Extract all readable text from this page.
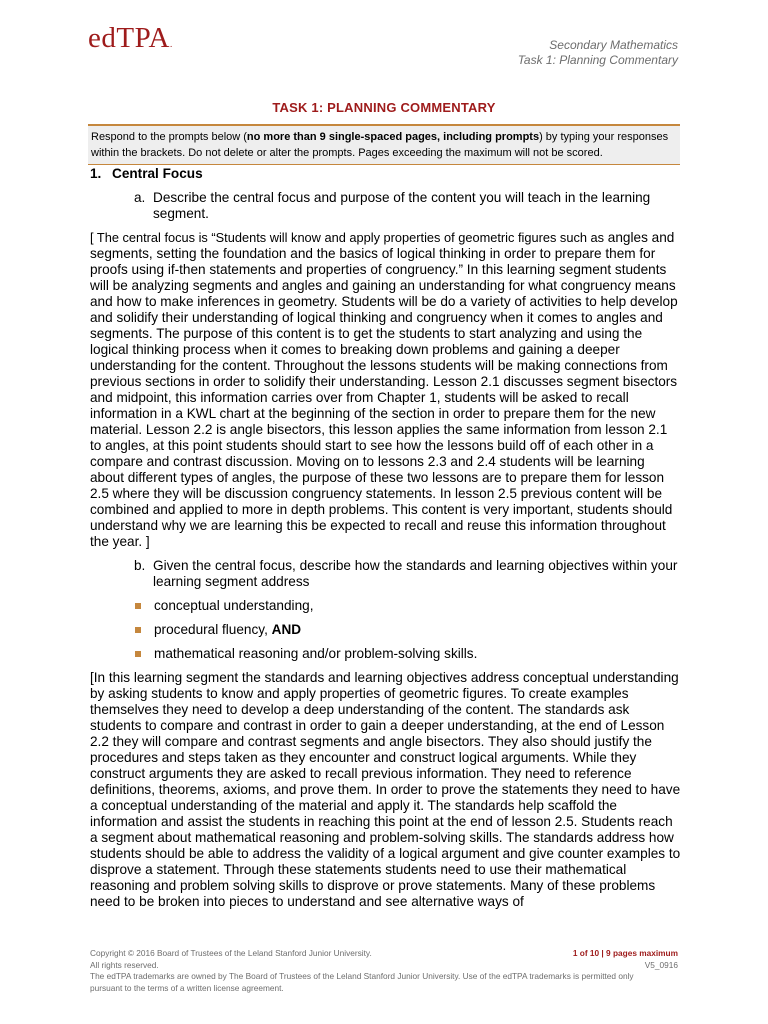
edTPA.	Secondary Mathematics
Task 1: Planning Commentary
TASK 1: PLANNING COMMENTARY
Respond to the prompts below (no more than 9 single-spaced pages, including prompts) by typing your responses within the brackets. Do not delete or alter the prompts. Pages exceeding the maximum will not be scored.
1. Central Focus
a. Describe the central focus and purpose of the content you will teach in the learning segment.
[ The central focus is “Students will know and apply properties of geometric figures such as angles and segments, setting the foundation and the basics of logical thinking in order to prepare them for proofs using if-then statements and properties of congruency.” In this learning segment students will be analyzing segments and angles and gaining an understanding for what congruency means and how to make inferences in geometry. Students will be do a variety of activities to help develop and solidify their understanding of logical thinking and congruency when it comes to angles and segments. The purpose of this content is to get the students to start analyzing and using the logical thinking process when it comes to breaking down problems and gaining a deeper understanding for the content. Throughout the lessons students will be making connections from previous sections in order to solidify their understanding. Lesson 2.1 discusses segment bisectors and midpoint, this information carries over from Chapter 1, students will be asked to recall information in a KWL chart at the beginning of the section in order to prepare them for the new material. Lesson 2.2 is angle bisectors, this lesson applies the same information from lesson 2.1 to angles, at this point students should start to see how the lessons build off of each other in a compare and contrast discussion. Moving on to lessons 2.3 and 2.4 students will be learning about different types of angles, the purpose of these two lessons are to prepare them for lesson 2.5 where they will be discussion congruency statements. In lesson 2.5 previous content will be combined and applied to more in depth problems. This content is very important, students should understand why we are learning this be expected to recall and reuse this information throughout the year. ]
b. Given the central focus, describe how the standards and learning objectives within your learning segment address
conceptual understanding,
procedural fluency, AND
mathematical reasoning and/or problem-solving skills.
[In this learning segment the standards and learning objectives address conceptual understanding by asking students to know and apply properties of geometric figures. To create examples themselves they need to develop a deep understanding of the content. The standards ask students to compare and contrast in order to gain a deeper understanding, at the end of Lesson 2.2 they will compare and contrast segments and angle bisectors. They also should justify the procedures and steps taken as they encounter and construct logical arguments. While they construct arguments they are asked to recall previous information. They need to reference definitions, theorems, axioms, and prove them. In order to prove the statements they need to have a conceptual understanding of the material and apply it. The standards help scaffold the information and assist the students in reaching this point at the end of lesson 2.5. Students reach a segment about mathematical reasoning and problem-solving skills. The standards address how students should be able to address the validity of a logical argument and give counter examples to disprove a statement. Through these statements students need to use their mathematical reasoning and problem solving skills to disprove or prove statements. Many of these problems need to be broken into pieces to understand and see alternative ways of
Copyright © 2016 Board of Trustees of the Leland Stanford Junior University.
All rights reserved.
The edTPA trademarks are owned by The Board of Trustees of the Leland Stanford Junior University. Use of the edTPA trademarks is permitted only pursuant to the terms of a written license agreement.
1 of 10 | 9 pages maximum
V5_0916
